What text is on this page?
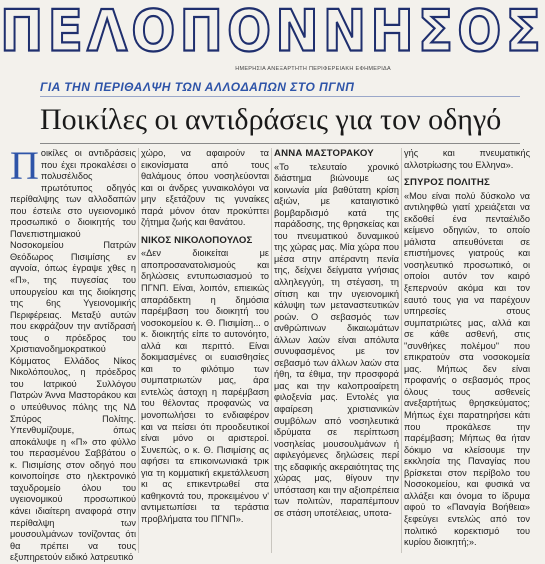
ΠΕΛΟΠΟΝΝΗΣΟΣ
ΗΜΕΡΗΣΙΑ ΑΝΕΞΑΡΤΗΤΗ ΠΕΡΙΦΕΡΕΙΑΚΗ ΕΦΗΜΕΡΙΔΑ
ΓΙΑ ΤΗΝ ΠΕΡΙΘΑΛΨΗ ΤΩΝ ΑΛΛΟΔΑΠΩΝ ΣΤΟ ΠΓΝΠ
Ποικίλες οι αντιδράσεις για τον οδηγό

Ποικίλες οι αντιδράσεις που έχει προκαλέσει ο πολυσέλιδος πρωτότυπος οδηγός περίθαλψης των αλλοδαπών που έστειλε στο υγειονομικό προσωπικό ο διοικητής του Πανεπιστημιακού Νοσοκομείου Πατρών Θεόδωρος Πισιμίσης εν αγνοία, όπως έγραψε χθες η «Π», της πυγεσίας του υπουργείου και της διοίκησης της 6ης Υγειονομικής Περιφέρειας. Μεταξύ αυτών που εκφράζουν την αντίδρασή τους ο πρόεδρος του Χριστιανοδημοκρατικού Κόμματος Ελλάδος Νίκος Νικολόπουλος, η πρόεδρος του Ιατρικού Συλλόγου Πατρών Άννα Μαστοράκου και ο υπεύθυνος πόλης της ΝΔ Σπύρος Πολίτης. Υπενθυμίζουμε, όπως αποκάλυψε η «Π» στο φύλλο του περασμένου Σαββάτου ο κ. Πισιμίσης στον οδηγό που κοινοποίησε στο ηλεκτρονικό ταχυδρομείο όλου του υγειονομικού προσωπικού κάνει ιδιαίτερη αναφορά στην περίθαλψη των μουσουλμάνων τονίζοντας ότι θα πρέπει να τους εξυπηρετούν ειδικό λατρευτικό

χώρο, να αφαιρούν τα εικονίσματα από τους θαλάμους όπου νοσηλεύονται και οι άνδρες γυναικολόγοι να μην εξετάζουν τις γυναίκες παρά μόνον όταν προκύπτει ζήτημα ζωής και θανάτου.

ΝΙΚΟΣ ΝΙΚΟΛΟΠΟΥΛΟΣ

«Δεν διοικείται με αποπροσανατολισμούς και δηλώσεις εντυπωσιασμού το ΠΓΝΠ. Είναι, λοιπόν, επιεικώς απαράδεκτη η δημόσια παρέμβαση του διοικητή του νοσοκομείου κ. Θ. Πισιμίση... ο κ. διοικητής είπε το αυτονόητο, αλλά και περιττό. Είναι δοκιμασμένες οι ευαισθησίες και το φιλότιμο των συμπατριωτών μας, άρα εντελώς άστοχη η παρέμβαση του θέλοντας προφανώς να μονοπωλήσει το ενδιαφέρον και να πείσει ότι προοδευτικοί είναι μόνο οι αριστεροί. Συνεπώς, ο κ. Θ. Πισιμίσης ας αφήσει τα επικοινωνιακά τρικ για τη κομματική εκμετάλλευση κι ας επικεντρωθεί στα καθηκοντά του, προκειμένου ν' αντιμετωπίσει τα τεράστια προβλήματα του ΠΓΝΠ».

ΑΝΝΑ ΜΑΣΤΟΡΑΚΟΥ

«Το τελευταίο χρονικό διάστημα βιώνουμε ως κοινωνία μία βαθύτατη κρίση αξιών, με καταιγιστικό βομβαρδισμό κατά της παράδοσης, της θρησκείας και του πνευματικού δυναμικού της χώρας μας. Μία χώρα που μέσα στην απέραντη πενία της, δείχνει δείγματα γνήσιας αλληλεγγύη, τη στέγαση, τη σίτιση και την υγειονομική κάλυψη των μεταναστευτικών ροών. Ο σεβασμός των ανθρώπινων δικαιωμάτων άλλων λαών είναι απόλυτα συνυφασμένος με τον σεβασμό των άλλων λαών στα ήθη, τα έθιμα, την προσφορά μας και την καλοπροαίρετη φιλοξενία μας. Εντολές για αφαίρεση χριστιανικών συμβόλων από νοσηλευτικά ιδρύματα σε περίπτωση νοσηλείας μουσουλμάνων ή αφιλεγόμενες δηλώσεις περί της εδαφικής ακεραιότητας της χώρας μας, θίγουν την υπόσταση και την αξιοπρέπεια των πολιτών, παραπέμπουν σε στάση υποτέλειας, υποτα-

γής και πνευματικής αλλοτρίωσης του Ελληνα».

ΣΠΥΡΟΣ ΠΟΛΙΤΗΣ

«Μου είναι πολύ δύσκολο να αντιληφθώ γιατί χρειάζεται να εκδοθεί ένα πενταέλιδο κείμενο οδηγιών, το οποίο μάλιστα απευθύνεται σε επιστήμονες γιατρούς και νοσηλευτικό προσωπικό, οι οποίοι αυτόν τον καιρό ξεπερνούν ακόμα και τον εαυτό τους για να παρέχουν υπηρεσίες στους συμπατριώτες μας, αλλά και σε κάθε ασθενή, στις "συνθήκες πολέμου" που επικρατούν στα νοσοκομεία μας. Μήπως δεν είναι προφανής ο σεβασμός προς όλους τους ασθενείς ανεξαρτήτως θρησκεύματος; Μήπως έχει παρατηρήσει κάτι που προκάλεσε την παρέμβαση; Μήπως θα ήταν δόκιμο να κλείσουμε την εκκλησία της Παναγίας που βρίσκεται στον περίβολο του Νοσοκομείου, και φυσικά να αλλάξει και όνομα το ίδρυμα αφού το «Παναγία Βοήθεια» ξεφεύγει εντελώς από τον πολιτικό κορεκτισμό του κυρίου διοικητή;».
